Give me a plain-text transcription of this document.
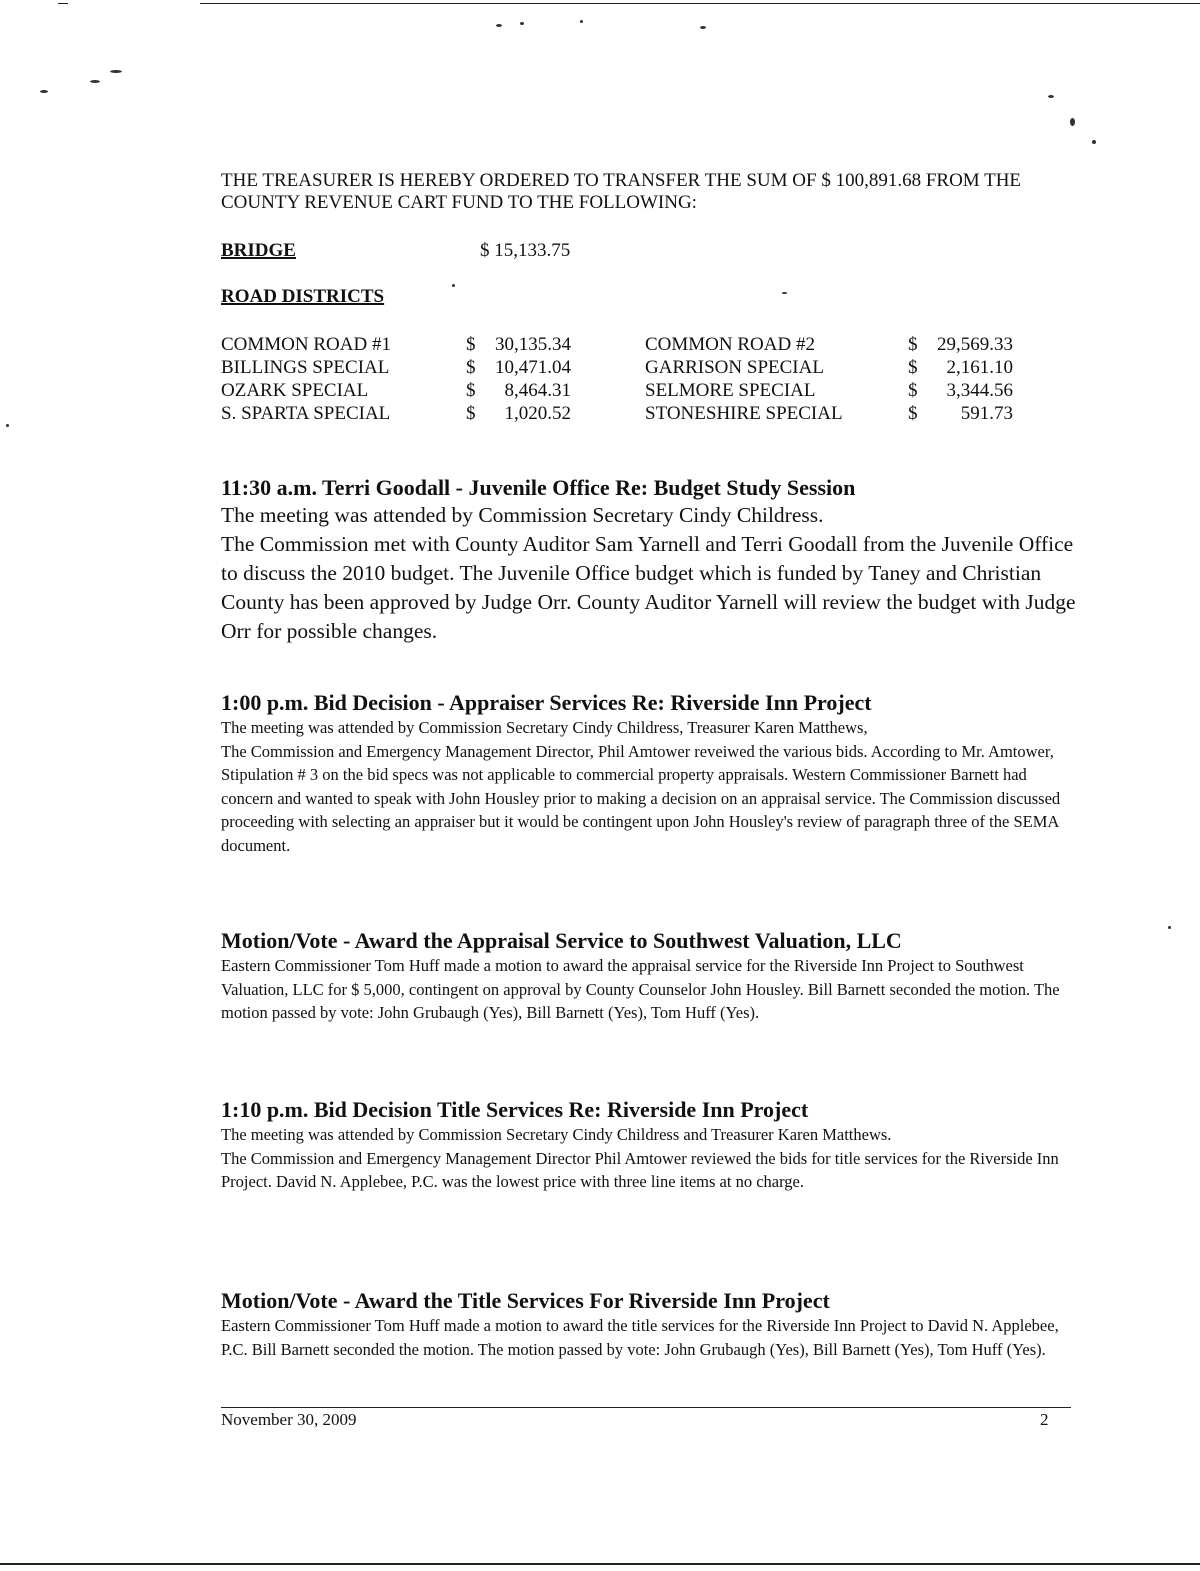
THE TREASURER IS HEREBY ORDERED TO TRANSFER THE SUM OF $ 100,891.68 FROM THE COUNTY REVENUE CART FUND TO THE FOLLOWING:
BRIDGE	$ 15,133.75
ROAD DISTRICTS
COMMON ROAD #1	$	30,135.34	COMMON ROAD #2	$	29,569.33
BILLINGS SPECIAL	$	10,471.04	GARRISON SPECIAL	$	2,161.10
OZARK SPECIAL	$	8,464.31	SELMORE SPECIAL	$	3,344.56
S. SPARTA SPECIAL	$	1,020.52	STONESHIRE SPECIAL	$	591.73
11:30 a.m. Terri Goodall - Juvenile Office Re: Budget Study Session

The meeting was attended by Commission Secretary Cindy Childress.

The Commission met with County Auditor Sam Yarnell and Terri Goodall from the Juvenile Office to discuss the 2010 budget. The Juvenile Office budget which is funded by Taney and Christian County has been approved by Judge Orr. County Auditor Yarnell will review the budget with Judge Orr for possible changes.

1:00 p.m. Bid Decision - Appraiser Services Re: Riverside Inn Project

The meeting was attended by Commission Secretary Cindy Childress, Treasurer Karen Matthews,

The Commission and Emergency Management Director, Phil Amtower reveiwed the various bids. According to Mr. Amtower, Stipulation # 3 on the bid specs was not applicable to commercial property appraisals. Western Commissioner Barnett had concern and wanted to speak with John Housley prior to making a decision on an appraisal service. The Commission discussed proceeding with selecting an appraiser but it would be contingent upon John Housley's review of paragraph three of the SEMA document.

Motion/Vote - Award the Appraisal Service to Southwest Valuation, LLC

Eastern Commissioner Tom Huff made a motion to award the appraisal service for the Riverside Inn Project to Southwest Valuation, LLC for $ 5,000, contingent on approval by County Counselor John Housley. Bill Barnett seconded the motion. The motion passed by vote: John Grubaugh (Yes), Bill Barnett (Yes), Tom Huff (Yes).

1:10 p.m. Bid Decision Title Services Re: Riverside Inn Project

The meeting was attended by Commission Secretary Cindy Childress and Treasurer Karen Matthews.

The Commission and Emergency Management Director Phil Amtower reviewed the bids for title services for the Riverside Inn Project. David N. Applebee, P.C. was the lowest price with three line items at no charge.

Motion/Vote - Award the Title Services For Riverside Inn Project

Eastern Commissioner Tom Huff made a motion to award the title services for the Riverside Inn Project to David N. Applebee, P.C. Bill Barnett seconded the motion. The motion passed by vote: John Grubaugh (Yes), Bill Barnett (Yes), Tom Huff (Yes).

November 30, 2009	2
